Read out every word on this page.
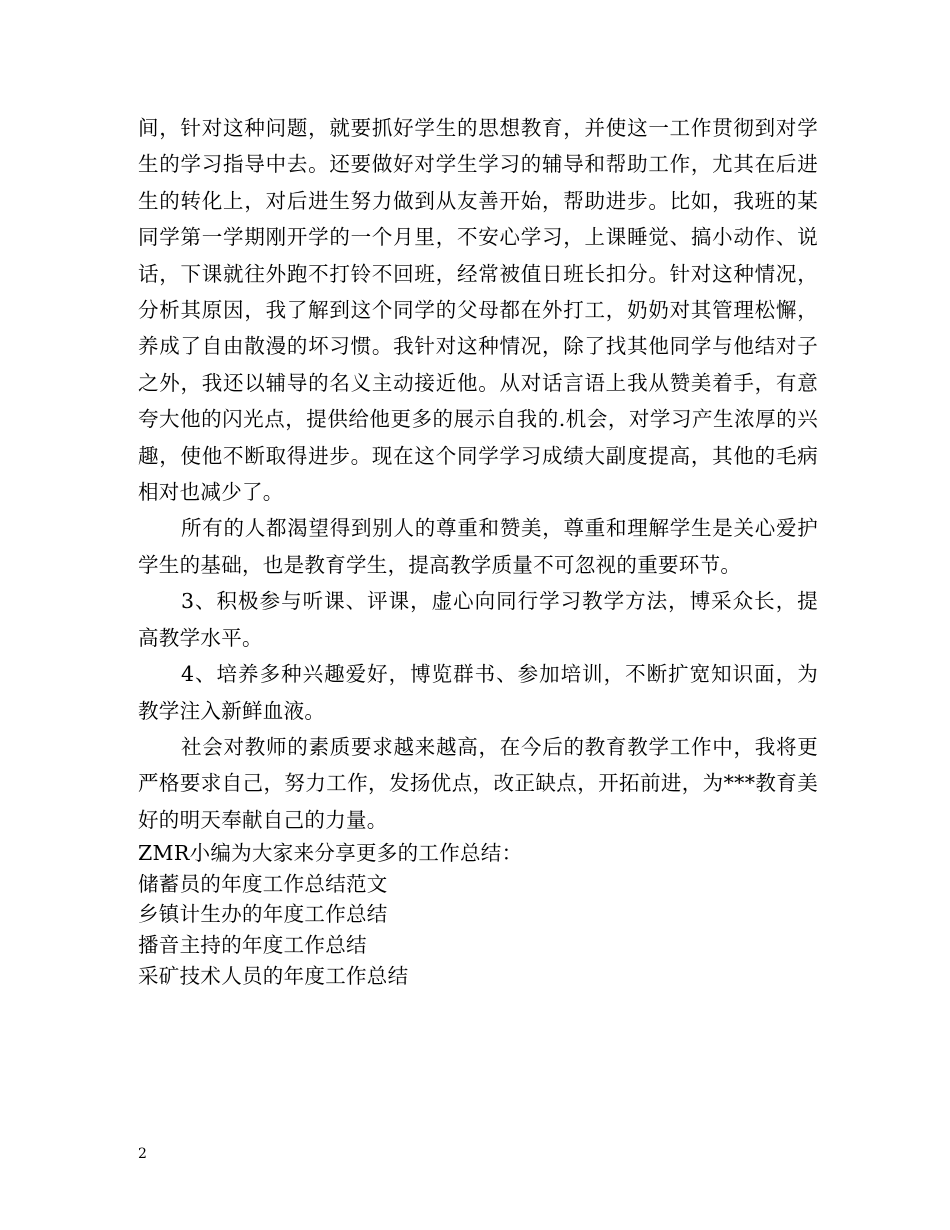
间，针对这种问题，就要抓好学生的思想教育，并使这一工作贯彻到对学生的学习指导中去。还要做好对学生学习的辅导和帮助工作，尤其在后进生的转化上，对后进生努力做到从友善开始，帮助进步。比如，我班的某同学第一学期刚开学的一个月里，不安心学习，上课睡觉、搞小动作、说话，下课就往外跑不打铃不回班，经常被值日班长扣分。针对这种情况，分析其原因，我了解到这个同学的父母都在外打工，奶奶对其管理松懈，养成了自由散漫的坏习惯。我针对这种情况，除了找其他同学与他结对子之外，我还以辅导的名义主动接近他。从对话言语上我从赞美着手，有意夸大他的闪光点，提供给他更多的展示自我的.机会，对学习产生浓厚的兴趣，使他不断取得进步。现在这个同学学习成绩大副度提高，其他的毛病相对也减少了。

所有的人都渴望得到别人的尊重和赞美，尊重和理解学生是关心爱护学生的基础，也是教育学生，提高教学质量不可忽视的重要环节。

3、积极参与听课、评课，虚心向同行学习教学方法，博采众长，提高教学水平。

4、培养多种兴趣爱好，博览群书、参加培训，不断扩宽知识面，为教学注入新鲜血液。

社会对教师的素质要求越来越高，在今后的教育教学工作中，我将更严格要求自己，努力工作，发扬优点，改正缺点，开拓前进，为***教育美好的明天奉献自己的力量。

ZMR小编为大家来分享更多的工作总结：

储蓄员的年度工作总结范文

乡镇计生办的年度工作总结

播音主持的年度工作总结

采矿技术人员的年度工作总结

2
